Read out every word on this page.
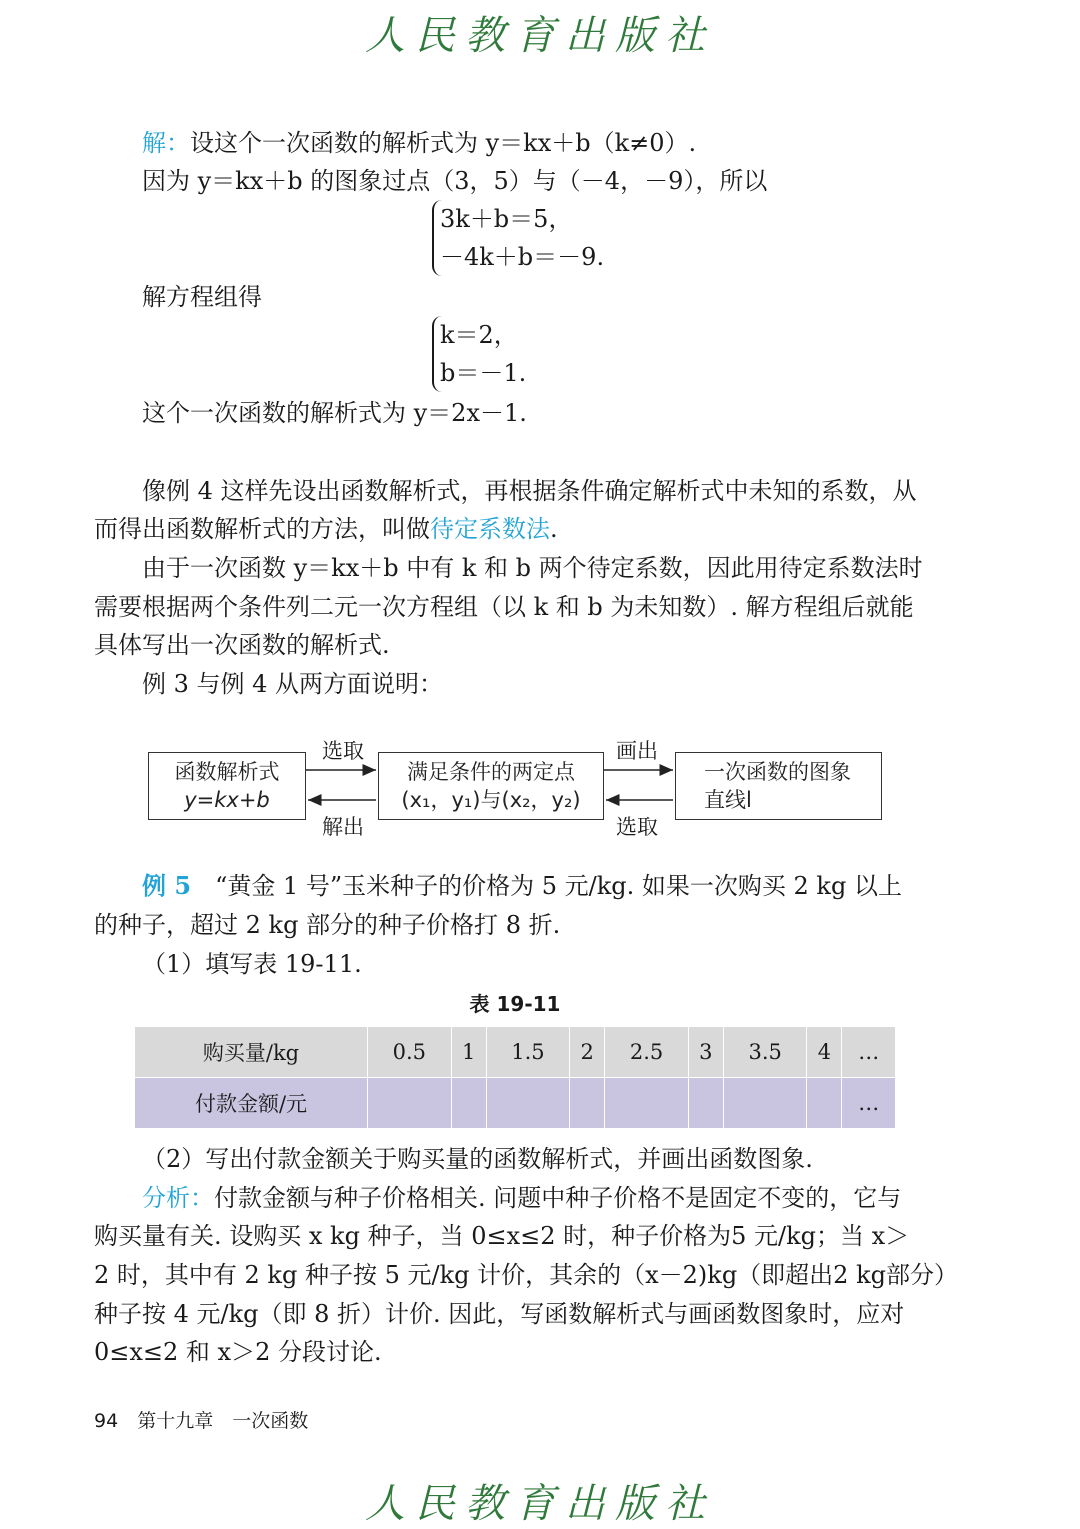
人民教育出版社
解：设这个一次函数的解析式为 y＝kx＋b（k≠0）.
因为 y＝kx＋b 的图象过点（3，5）与（－4，－9），所以
3k＋b＝5，
－4k＋b＝－9.
解方程组得
k＝2，
b＝－1.
这个一次函数的解析式为 y＝2x－1.
像例 4 这样先设出函数解析式，再根据条件确定解析式中未知的系数，从
而得出函数解析式的方法，叫做待定系数法.
由于一次函数 y＝kx＋b 中有 k 和 b 两个待定系数，因此用待定系数法时
需要根据两个条件列二元一次方程组（以 k 和 b 为未知数）. 解方程组后就能
具体写出一次函数的解析式.
例 3 与例 4 从两方面说明：
函数解析式
y=kx+b
满足条件的两定点
(x₁，y₁)与(x₂，y₂)
一次函数的图象
直线l
选取
解出
画出
选取
例 5　 “黄金 1 号”玉米种子的价格为 5 元/kg. 如果一次购买 2 kg 以上
的种子，超过 2 kg 部分的种子价格打 8 折.
（1）填写表 19-11.
表 19-11
购买量/kg	0.5	1	1.5	2	2.5	3	3.5	4	…
付款金额/元									…
（2）写出付款金额关于购买量的函数解析式，并画出函数图象.
分析：付款金额与种子价格相关. 问题中种子价格不是固定不变的，它与
购买量有关. 设购买 x kg 种子，当 0≤x≤2 时，种子价格为5 元/kg；当 x＞
2 时，其中有 2 kg 种子按 5 元/kg 计价，其余的（x－2)kg（即超出2 kg部分）
种子按 4 元/kg（即 8 折）计价. 因此，写函数解析式与画函数图象时，应对
0≤x≤2 和 x＞2 分段讨论.
94　 第十九章　一次函数
人民教育出版社
